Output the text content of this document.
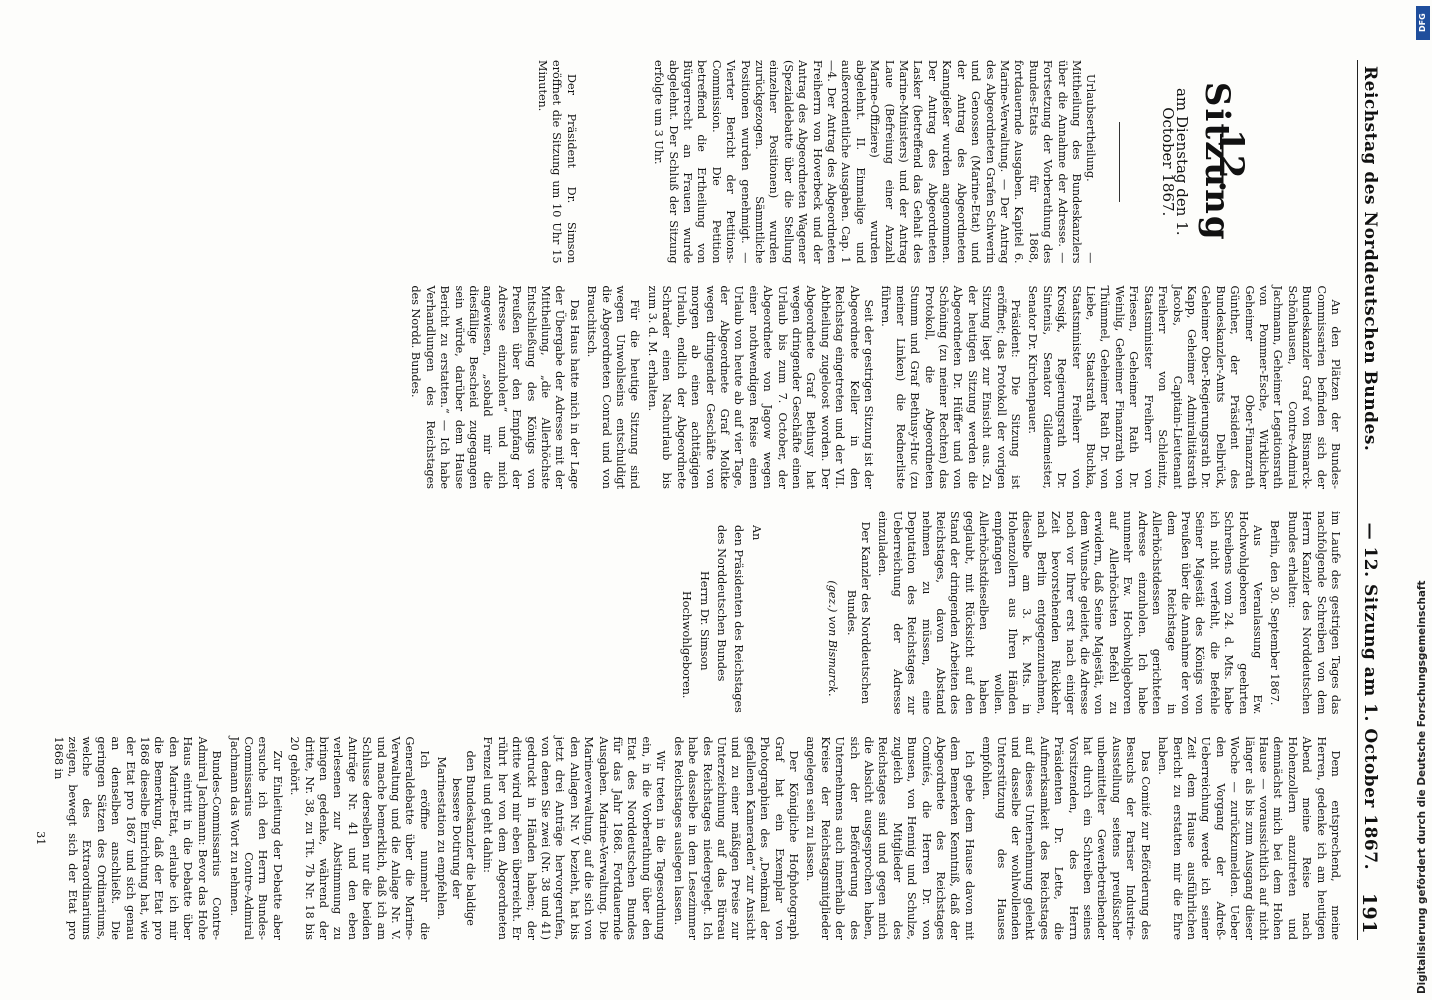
Reichstag des Norddeutschen Bundes.
— 12. Sitzung am 1. October 1867.
191
12. Sitzung
am Dienstag den 1. October 1867.

Urlaubsertheilung. — Mittheilung des Bundeskanzlers über die Annahme der Adresse. — Fortsetzung der Vorberathung des Bundes-Etats für 1868, fortdauernde Ausgaben. Kapitel 6. Marine-Verwaltung. — Der Antrag des Abgeordneten Grafen Schwerin und Genossen (Marine-Etat) und der Antrag des Abgeordneten Kanngießer wurden angenommen. Der Antrag des Abgeordneten Lasker (betreffend das Gehalt des Marine-Ministers) und der Antrag Laue (Befreiung einer Anzahl Marine-Offiziere) wurden abgelehnt. II. Einmalige und außerordentliche Ausgaben. Cap. 1—4. Der Antrag des Abgeordneten Freiherrn von Hoverbeck und der Antrag des Abgeordneten Wagener (Spezialdebatte über die Stellung einzelner Positionen) wurden zurückgezogen. Sämmtliche Positionen wurden genehmigt. — Vierter Bericht der Petitions-Commission. Die Petition betreffend die Ertheilung von Bürgerrecht an Frauen wurde abgelehnt. Der Schluß der Sitzung erfolgte um 3 Uhr.

Der Präsident Dr. Simson eröffnet die Sitzung um 10 Uhr 15 Minuten.

An den Plätzen der Bundes-Commissarien befinden sich der Bundeskanzler Graf von Bismarck-Schönhausen, Contre-Admiral Jachmann, Geheimer Legationsrath von Pommer-Esche, Wirklicher Geheimer Ober-Finanzrath Günther, der Präsident des Bundeskanzler-Amts Delbrück, Geheimer Ober-Regierungsrath Dr. Kapp, Geheimer Admiralitätsrath Jacobs, Capitain-Lieutenant Freiherr von Schleinitz, Staatsminister Freiherr von Friesen, Geheimer Rath Dr. Weinlig, Geheimer Finanzrath von Thümmel, Geheimer Rath Dr. von Liebe, Staatsrath Buchka, Staatsminister Freiherr von Krosigk, Regierungsrath Dr. Sintenis, Senator Gildemeister, Senator Dr. Kirchenpauer.

Präsident: Die Sitzung ist eröffnet; das Protokoll der vorigen Sitzung liegt zur Einsicht aus. Zu der heutigen Sitzung werden die Abgeordneten Dr. Hüffer und von Schöning (zu meiner Rechten) das Protokoll, die Abgeordneten Stumm und Graf Bethusy-Huc (zu meiner Linken) die Rednerliste führen.

Seit der gestrigen Sitzung ist der Abgeordnete Keller in den Reichstag eingetreten und der VII. Abtheilung zugeloost worden. Der Abgeordnete Graf Bethusy hat wegen dringender Geschäfte einen Urlaub bis zum 7. October, der Abgeordnete von Jagow wegen einer nothwendigen Reise einen Urlaub von heute ab auf vier Tage, der Abgeordnete Graf Moltke wegen dringender Geschäfte von morgen ab einen achttägigen Urlaub, endlich der Abgeordnete Schrader einen Nachurlaub bis zum 3. d. M. erhalten.

Für die heutige Sitzung sind wegen Unwohlseins entschuldigt die Abgeordneten Conrad und von Brauchitsch.

Das Haus hatte mich in der Lage der Übergabe der Adresse mit der Mittheilung, „die Allerhöchste Entschließung des Königs von Preußen über den Empfang der Adresse einzuholen“ und mich angewiesen, „sobald mir die diesfällige Bescheid zugegangen sein würde, darüber dem Hause Bericht zu erstatten.“ — Ich habe Verhandlungen des Reichstages des Nordd. Bundes.

im Laufe des gestrigen Tages das nachfolgende Schreiben von dem Herrn Kanzler des Norddeutschen Bundes erhalten:

Berlin, den 30. September 1867.

Aus Veranlassung Ew. Hochwohlgeboren geehrten Schreibens vom 24. d. Mts. habe ich nicht verfehlt, die Befehle Seiner Majestät des Königs von Preußen über die Annahme der von dem Reichstage in Allerhöchstdessen gerichteten Adresse einzuholen. Ich habe nunmehr Ew. Hochwohlgeboren auf Allerhöchsten Befehl zu erwidern, daß Seine Majestät, von dem Wunsche geleitet, die Adresse noch vor Ihrer erst nach einiger Zeit bevorstehenden Rückkehr nach Berlin entgegenzunehmen, dieselbe am 3. k. Mts. in Hohenzollern aus Ihren Händen empfangen wollen. Allerhöchstdieselben haben geglaubt, mit Rücksicht auf den Stand der dringenden Arbeiten des Reichstages, davon Abstand nehmen zu müssen, eine Deputation des Reichstages zur Ueberreichung der Adresse einzuladen.

Der Kanzler des Norddeutschen Bundes.

(gez.) von Bismarck.

An

den Präsidenten des Reichstages

des Norddeutschen Bundes

Herrn Dr. Simson

Hochwohlgeboren.

Dem entsprechend, meine Herren, gedenke ich am heutigen Abend meine Reise nach Hohenzollern anzutreten und demnächst mich bei dem Hohen Hause — voraussichtlich auf nicht länger als bis zum Ausgang dieser Woche — zurückzumelden. Ueber den Vorgang der Adreß-Ueberreichung werde ich seiner Zeit dem Hause ausführlichen Bericht zu erstatten mir die Ehre haben.

Das Comité zur Beförderung des Besuchs der Pariser Industrie-Ausstellung seitens preußischer unbemittelter Gewerbetreibender hat durch ein Schreiben seines Vorsitzenden, des Herrn Präsidenten Dr. Lette, die Aufmerksamkeit des Reichstages auf dieses Unternehmung gelenkt und dasselbe der wohlwollenden Unterstützung des Hauses empfohlen.

Ich gebe dem Hause davon mit dem Bemerken Kenntniß, daß der Abgeordnete des Reichstages Comités, die Herren Dr. von Bunsen, von Hennig und Schulze, zugleich Mitglieder des Reichstages sind und gegen mich die Absicht ausgesprochen haben, sich der Beförderung des Unternehmens auch innerhalb der Kreise der Reichstagsmitglieder angelegen sein zu lassen.

Der Königliche Hofphotograph Graf hat ein Exemplar von Photographien des „Denkmal der gefallenen Kameraden“ zur Ansicht und zu einer mäßigen Preise zur Unterzeichnung auf das Büreau des Reichstages niedergelegt. Ich habe dasselbe in dem Lesezimmer des Reichstages auslegen lassen.

Wir treten in die Tagesordnung ein, in die Vorberathung über den Etat des Norddeutschen Bundes für das Jahr 1868. Fortdauernde Ausgaben. Marine-Verwaltung. Die Marineverwaltung, auf die sich von den Anlagen Nr. V bezieht, hat bis jetzt drei Anträge hervorgerufen, von denen Sie zwei (Nr. 38 und 41) gedruckt in Händen haben; der dritte wird mir eben überreicht. Er rührt her von dem Abgeordneten Frenzel und geht dahin:

den Bundeskanzler die baldige bessere Dotirung der Marinestation zu empfehlen.

Ich eröffne nunmehr die Generaldebatte über die Marine-Verwaltung und die Anlage Nr. V. und mache bemerklich, daß ich am Schlusse derselben nur die beiden Anträge Nr. 41 und den eben verlesenen zur Abstimmung zu bringen gedenke, während der dritte, Nr. 38, zu Tit. 7b Nr. 18 bis 20 gehört.

Zur Einleitung der Debatte aber ersuche ich den Herrn Bundes-Commissarius Contre-Admiral Jachmann das Wort zu nehmen.

Bundes-Commissarius Contre-Admiral Jachmann: Bevor das Hohe Haus eintritt in die Debatte über den Marine-Etat, erlaube ich mir die Bemerkung, daß der Etat pro 1868 dieselbe Einrichtung hat, wie der Etat pro 1867 und sich genau an denselben anschließt. Die geringen Sätzen des Ordinariums, welche des Extraordinariums zeigen, bewegt sich der Etat pro 1868 in

31

DFG
Digitalisierung gefördert durch die Deutsche Forschungsgemeinschaft
